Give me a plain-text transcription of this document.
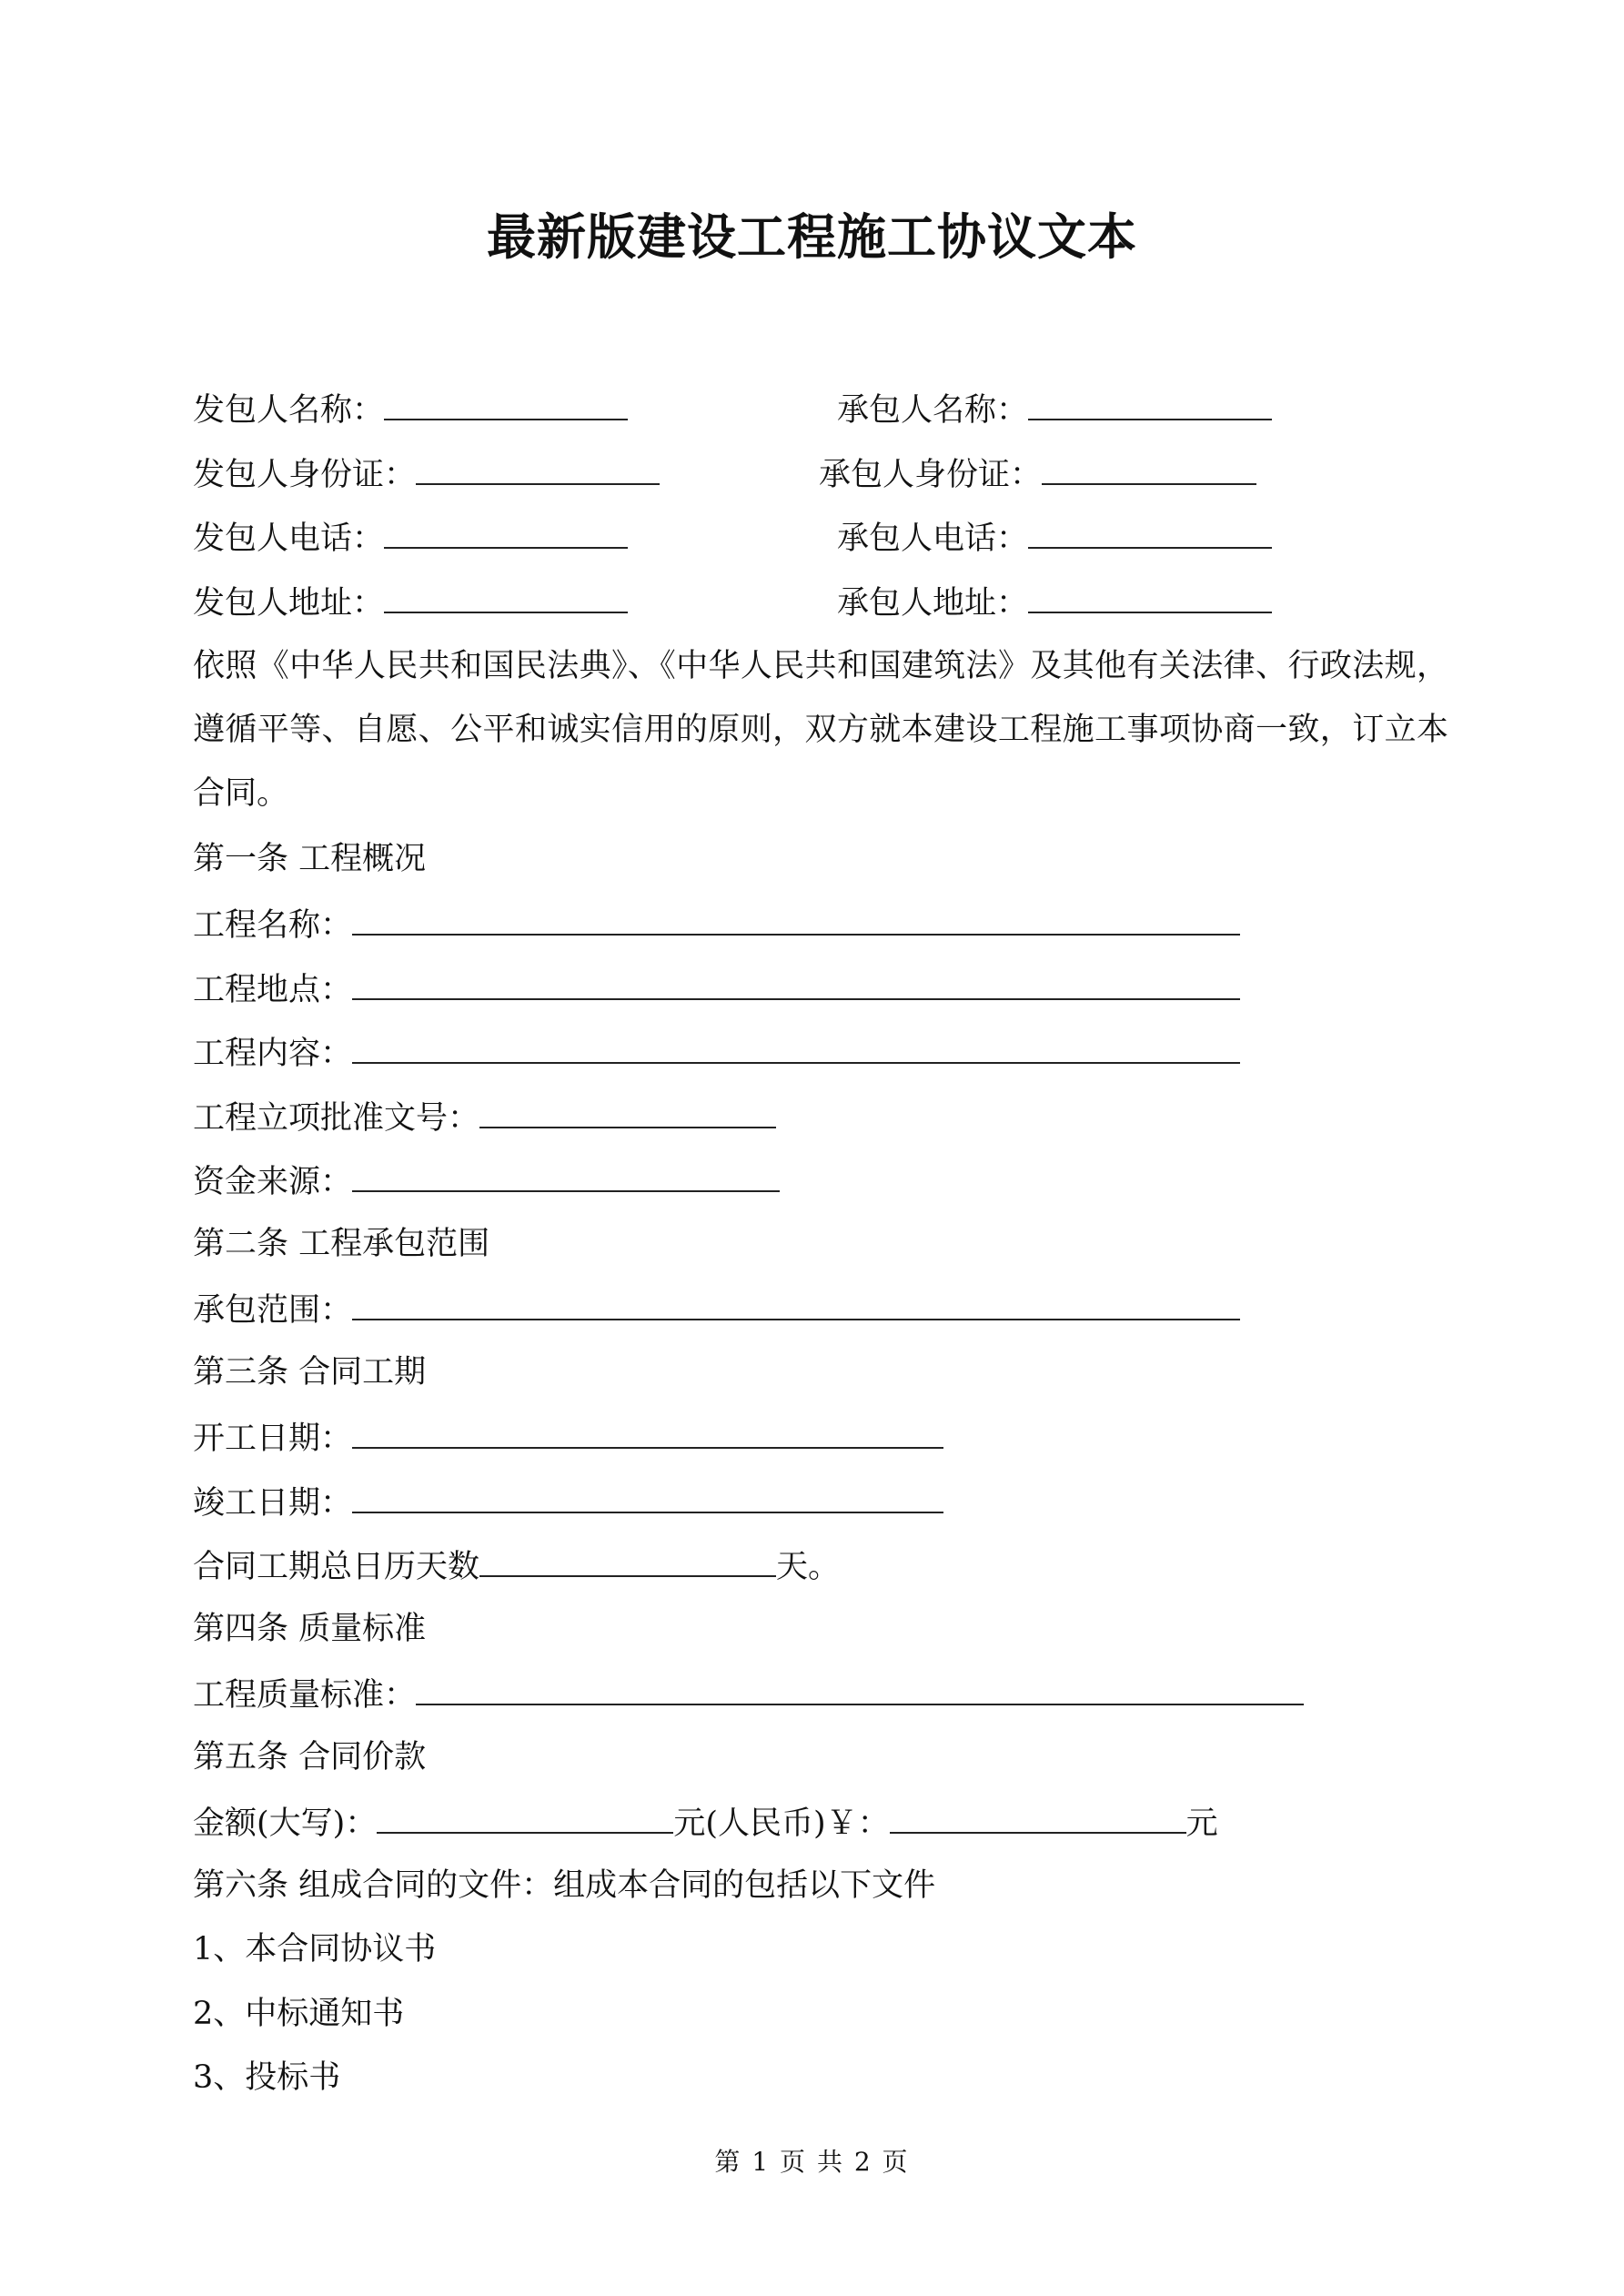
最新版建设工程施工协议文本
发包人名称：	承包人名称：
发包人身份证：	承包人身份证：
发包人电话：	承包人电话：
发包人地址：	承包人地址：
依照《中华人民共和国民法典》、《中华人民共和国建筑法》及其他有关法律、行政法规，遵循平等、自愿、公平和诚实信用的原则，双方就本建设工程施工事项协商一致，订立本合同。
第一条 工程概况
工程名称：
工程地点：
工程内容：
工程立项批准文号：
资金来源：
第二条 工程承包范围
承包范围：
第三条 合同工期
开工日期：
竣工日期：
合同工期总日历天数	天。
第四条 质量标准
工程质量标准：
第五条 合同价款
金额(大写)：	元(人民币)￥：	元
第六条 组成合同的文件：组成本合同的包括以下文件
1、本合同协议书
2、中标通知书
3、投标书
第 1 页 共 2 页
